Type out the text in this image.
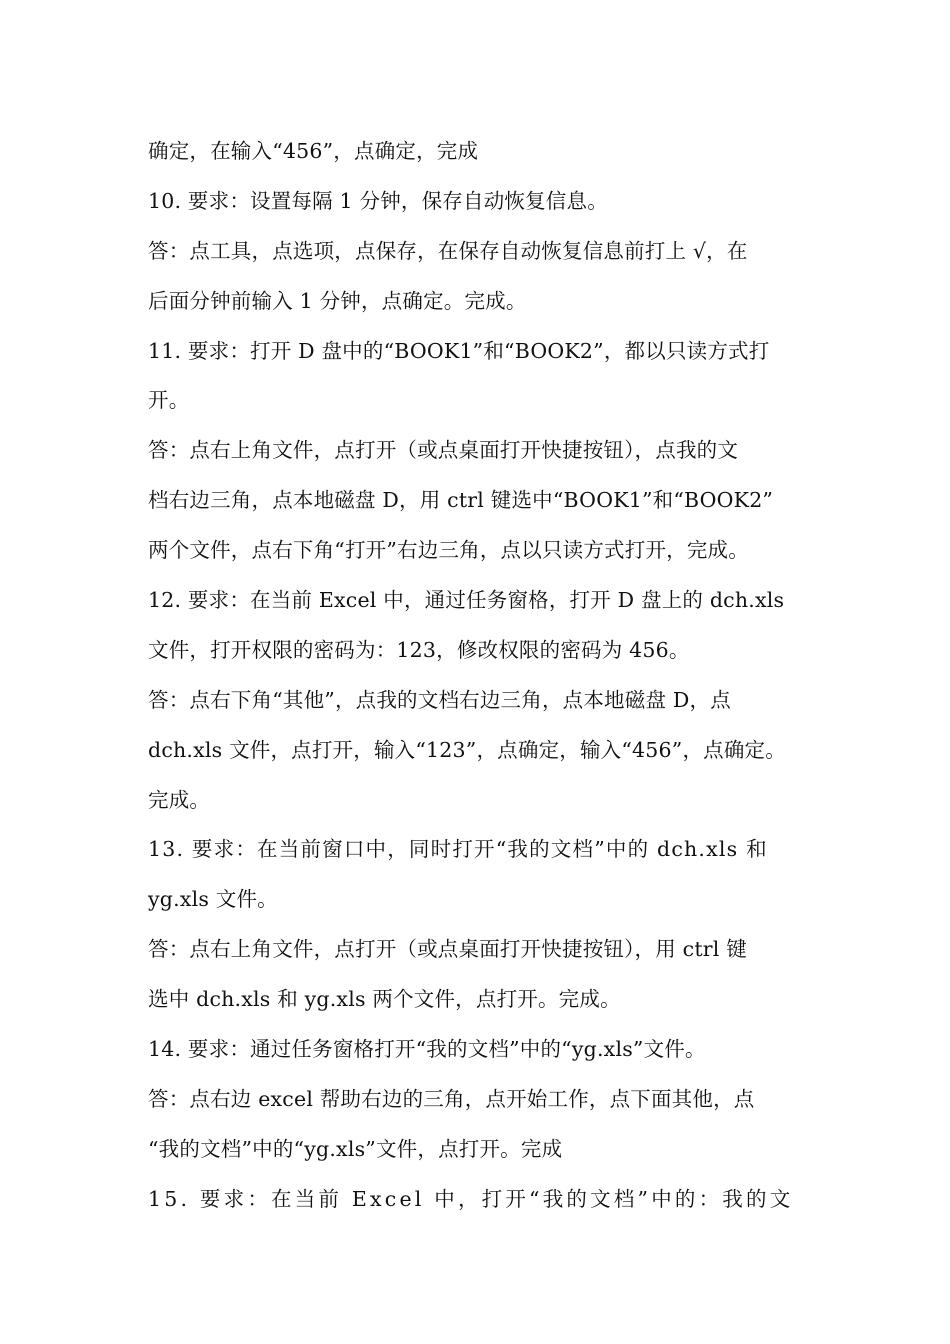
确定，在输入“456”，点确定，完成
10. 要求：设置每隔 1 分钟，保存自动恢复信息。
答：点工具，点选项，点保存，在保存自动恢复信息前打上 √，在
后面分钟前输入 1 分钟，点确定。完成。
11. 要求：打开 D 盘中的“BOOK1”和“BOOK2”，都以只读方式打
开。
答：点右上角文件，点打开（或点桌面打开快捷按钮），点我的文
档右边三角，点本地磁盘 D，用 ctrl 键选中“BOOK1”和“BOOK2”
两个文件，点右下角“打开”右边三角，点以只读方式打开，完成。
12. 要求：在当前 Excel 中，通过任务窗格，打开 D 盘上的 dch.xls
文件，打开权限的密码为：123，修改权限的密码为 456。
答：点右下角“其他”，点我的文档右边三角，点本地磁盘 D，点
dch.xls 文件，点打开，输入“123”，点确定，输入“456”，点确定。
完成。
13. 要求：在当前窗口中，同时打开“我的文档”中的 dch.xls 和
yg.xls 文件。
答：点右上角文件，点打开（或点桌面打开快捷按钮），用 ctrl 键
选中 dch.xls 和 yg.xls 两个文件，点打开。完成。
14. 要求：通过任务窗格打开“我的文档”中的“yg.xls”文件。
答：点右边 excel 帮助右边的三角，点开始工作，点下面其他，点
“我的文档”中的“yg.xls”文件，点打开。完成
15. 要求：在当前 Excel 中，打开“我的文档”中的：我的文
